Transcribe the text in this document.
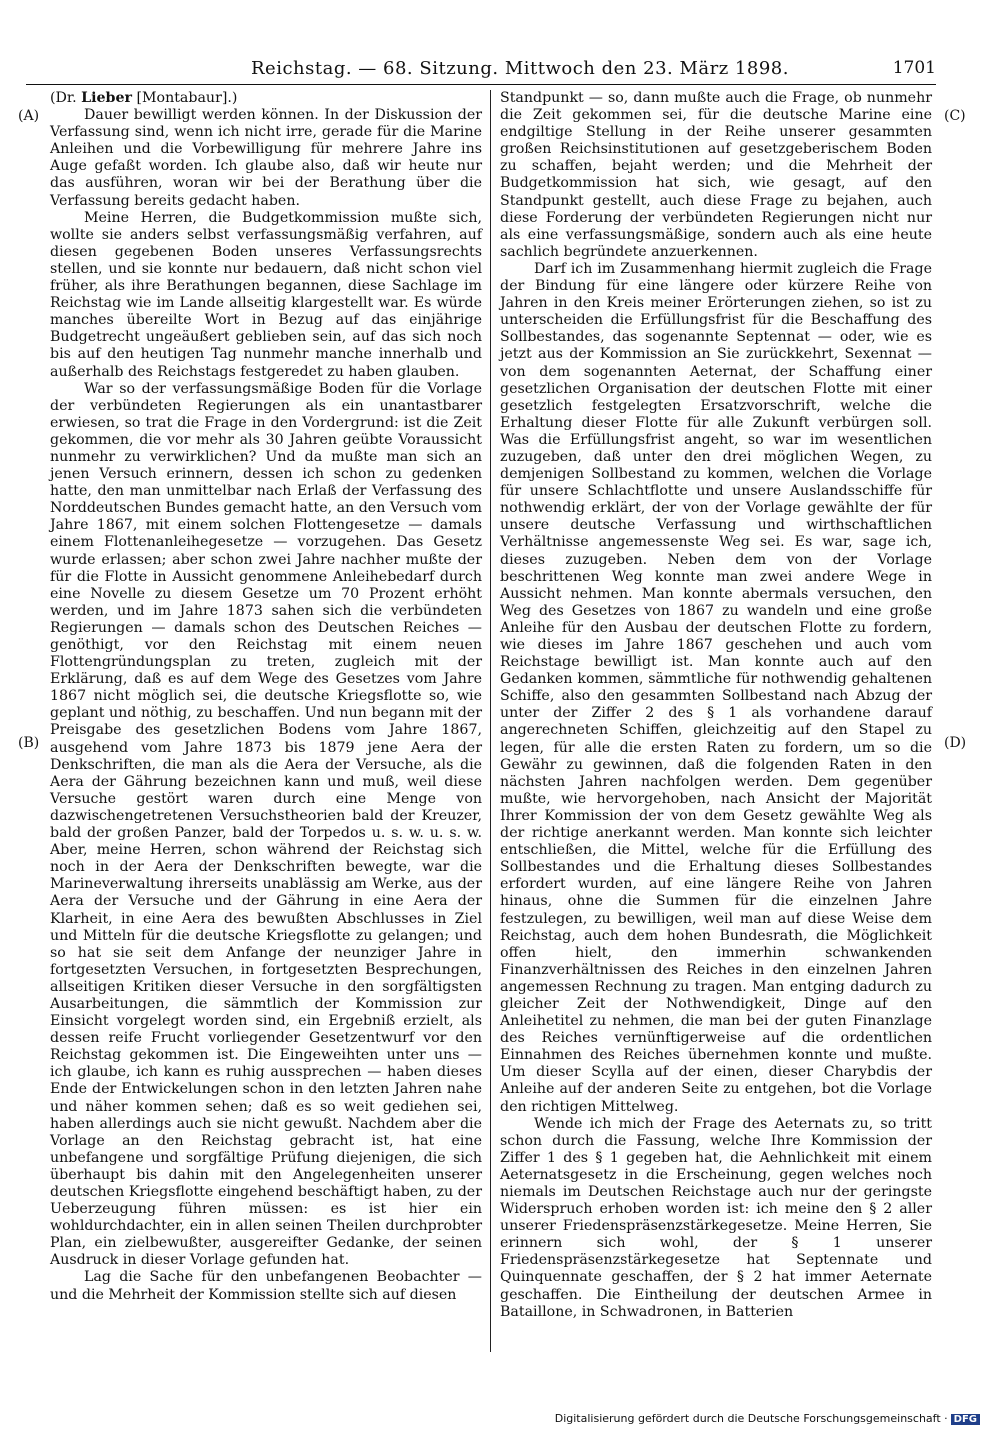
Reichstag. — 68. Sitzung. Mittwoch den 23. März 1898.	1701
(A)
(B)
(C)
(D)

(Dr. Lieber [Montabaur].)

Dauer bewilligt werden können. In der Diskussion der Verfassung sind, wenn ich nicht irre, gerade für die Marine Anleihen und die Vorbewilligung für mehrere Jahre ins Auge gefaßt worden. Ich glaube also, daß wir heute nur das ausführen, woran wir bei der Berathung über die Verfassung bereits gedacht haben.

Meine Herren, die Budgetkommission mußte sich, wollte sie anders selbst verfassungsmäßig verfahren, auf diesen gegebenen Boden unseres Verfassungsrechts stellen, und sie konnte nur bedauern, daß nicht schon viel früher, als ihre Berathungen begannen, diese Sachlage im Reichstag wie im Lande allseitig klargestellt war. Es würde manches übereilte Wort in Bezug auf das einjährige Budgetrecht ungeäußert geblieben sein, auf das sich noch bis auf den heutigen Tag nunmehr manche innerhalb und außerhalb des Reichstags festgeredet zu haben glauben.

War so der verfassungsmäßige Boden für die Vorlage der verbündeten Regierungen als ein unantastbarer erwiesen, so trat die Frage in den Vordergrund: ist die Zeit gekommen, die vor mehr als 30 Jahren geübte Voraussicht nunmehr zu verwirklichen? Und da mußte man sich an jenen Versuch erinnern, dessen ich schon zu gedenken hatte, den man unmittelbar nach Erlaß der Verfassung des Norddeutschen Bundes gemacht hatte, an den Versuch vom Jahre 1867, mit einem solchen Flottengesetze — damals einem Flottenanleihegesetze — vorzugehen. Das Gesetz wurde erlassen; aber schon zwei Jahre nachher mußte der für die Flotte in Aussicht genommene Anleihebedarf durch eine Novelle zu diesem Gesetze um 70 Prozent erhöht werden, und im Jahre 1873 sahen sich die verbündeten Regierungen — damals schon des Deutschen Reiches — genöthigt, vor den Reichstag mit einem neuen Flottengründungsplan zu treten, zugleich mit der Erklärung, daß es auf dem Wege des Gesetzes vom Jahre 1867 nicht möglich sei, die deutsche Kriegsflotte so, wie geplant und nöthig, zu beschaffen. Und nun begann mit der Preisgabe des gesetzlichen Bodens vom Jahre 1867, ausgehend vom Jahre 1873 bis 1879 jene Aera der Denkschriften, die man als die Aera der Versuche, als die Aera der Gährung bezeichnen kann und muß, weil diese Versuche gestört waren durch eine Menge von dazwischengetretenen Versuchstheorien bald der Kreuzer, bald der großen Panzer, bald der Torpedos u. s. w. u. s. w. Aber, meine Herren, schon während der Reichstag sich noch in der Aera der Denkschriften bewegte, war die Marineverwaltung ihrerseits unablässig am Werke, aus der Aera der Versuche und der Gährung in eine Aera der Klarheit, in eine Aera des bewußten Abschlusses in Ziel und Mitteln für die deutsche Kriegsflotte zu gelangen; und so hat sie seit dem Anfange der neunziger Jahre in fortgesetzten Versuchen, in fortgesetzten Besprechungen, allseitigen Kritiken dieser Versuche in den sorgfältigsten Ausarbeitungen, die sämmtlich der Kommission zur Einsicht vorgelegt worden sind, ein Ergebniß erzielt, als dessen reife Frucht vorliegender Gesetzentwurf vor den Reichstag gekommen ist. Die Eingeweihten unter uns — ich glaube, ich kann es ruhig aussprechen — haben dieses Ende der Entwickelungen schon in den letzten Jahren nahe und näher kommen sehen; daß es so weit gediehen sei, haben allerdings auch sie nicht gewußt. Nachdem aber die Vorlage an den Reichstag gebracht ist, hat eine unbefangene und sorgfältige Prüfung diejenigen, die sich überhaupt bis dahin mit den Angelegenheiten unserer deutschen Kriegsflotte eingehend beschäftigt haben, zu der Ueberzeugung führen müssen: es ist hier ein wohldurchdachter, ein in allen seinen Theilen durchprobter Plan, ein zielbewußter, ausgereifter Gedanke, der seinen Ausdruck in dieser Vorlage gefunden hat.

Lag die Sache für den unbefangenen Beobachter — und die Mehrheit der Kommission stellte sich auf diesen

Standpunkt — so, dann mußte auch die Frage, ob nunmehr die Zeit gekommen sei, für die deutsche Marine eine endgiltige Stellung in der Reihe unserer gesammten großen Reichsinstitutionen auf gesetzgeberischem Boden zu schaffen, bejaht werden; und die Mehrheit der Budgetkommission hat sich, wie gesagt, auf den Standpunkt gestellt, auch diese Frage zu bejahen, auch diese Forderung der verbündeten Regierungen nicht nur als eine verfassungsmäßige, sondern auch als eine heute sachlich begründete anzuerkennen.

Darf ich im Zusammenhang hiermit zugleich die Frage der Bindung für eine längere oder kürzere Reihe von Jahren in den Kreis meiner Erörterungen ziehen, so ist zu unterscheiden die Erfüllungsfrist für die Beschaffung des Sollbestandes, das sogenannte Septennat — oder, wie es jetzt aus der Kommission an Sie zurückkehrt, Sexennat — von dem sogenannten Aeternat, der Schaffung einer gesetzlichen Organisation der deutschen Flotte mit einer gesetzlich festgelegten Ersatzvorschrift, welche die Erhaltung dieser Flotte für alle Zukunft verbürgen soll. Was die Erfüllungsfrist angeht, so war im wesentlichen zuzugeben, daß unter den drei möglichen Wegen, zu demjenigen Sollbestand zu kommen, welchen die Vorlage für unsere Schlachtflotte und unsere Auslandsschiffe für nothwendig erklärt, der von der Vorlage gewählte der für unsere deutsche Verfassung und wirthschaftlichen Verhältnisse angemessenste Weg sei. Es war, sage ich, dieses zuzugeben. Neben dem von der Vorlage beschrittenen Weg konnte man zwei andere Wege in Aussicht nehmen. Man konnte abermals versuchen, den Weg des Gesetzes von 1867 zu wandeln und eine große Anleihe für den Ausbau der deutschen Flotte zu fordern, wie dieses im Jahre 1867 geschehen und auch vom Reichstage bewilligt ist. Man konnte auch auf den Gedanken kommen, sämmtliche für nothwendig gehaltenen Schiffe, also den gesammten Sollbestand nach Abzug der unter der Ziffer 2 des § 1 als vorhandene darauf angerechneten Schiffen, gleichzeitig auf den Stapel zu legen, für alle die ersten Raten zu fordern, um so die Gewähr zu gewinnen, daß die folgenden Raten in den nächsten Jahren nachfolgen werden. Dem gegenüber mußte, wie hervorgehoben, nach Ansicht der Majorität Ihrer Kommission der von dem Gesetz gewählte Weg als der richtige anerkannt werden. Man konnte sich leichter entschließen, die Mittel, welche für die Erfüllung des Sollbestandes und die Erhaltung dieses Sollbestandes erfordert wurden, auf eine längere Reihe von Jahren hinaus, ohne die Summen für die einzelnen Jahre festzulegen, zu bewilligen, weil man auf diese Weise dem Reichstag, auch dem hohen Bundesrath, die Möglichkeit offen hielt, den immerhin schwankenden Finanzverhältnissen des Reiches in den einzelnen Jahren angemessen Rechnung zu tragen. Man entging dadurch zu gleicher Zeit der Nothwendigkeit, Dinge auf den Anleihetitel zu nehmen, die man bei der guten Finanzlage des Reiches vernünftigerweise auf die ordentlichen Einnahmen des Reiches übernehmen konnte und mußte. Um dieser Scylla auf der einen, dieser Charybdis der Anleihe auf der anderen Seite zu entgehen, bot die Vorlage den richtigen Mittelweg.

Wende ich mich der Frage des Aeternats zu, so tritt schon durch die Fassung, welche Ihre Kommission der Ziffer 1 des § 1 gegeben hat, die Aehnlichkeit mit einem Aeternatsgesetz in die Erscheinung, gegen welches noch niemals im Deutschen Reichstage auch nur der geringste Widerspruch erhoben worden ist: ich meine den § 2 aller unserer Friedenspräsenzstärkegesetze. Meine Herren, Sie erinnern sich wohl, der § 1 unserer Friedenspräsenzstärkegesetze hat Septennate und Quinquennate geschaffen, der § 2 hat immer Aeternate geschaffen. Die Eintheilung der deutschen Armee in Bataillone, in Schwadronen, in Batterien

Digitalisierung gefördert durch die Deutsche Forschungsgemeinschaft · DFG
